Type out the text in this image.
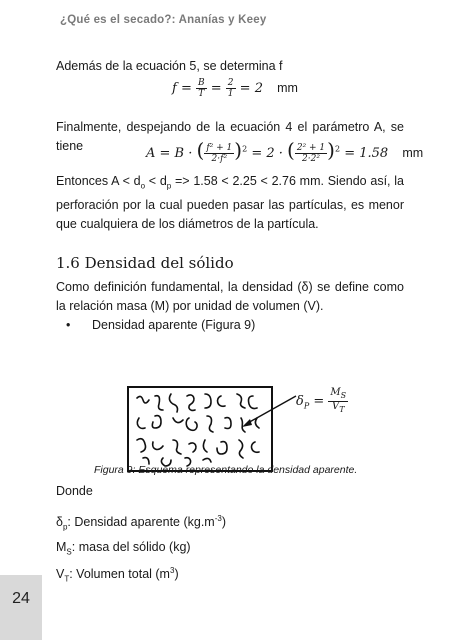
24
¿Qué es el secado?: Ananías y Keey
Además de la ecuación 5, se determina f
$f = \frac{B}{T} = \frac{2}{1} = 2$ mm
Finalmente, despejando de la ecuación 4 el parámetro A, se tiene	A = B · ( $\frac{\text{f² + 1}}{\text{2·f²}} )^2 = 2$ · ( $\frac{\text{2² + 1}}{\text{2·2²}} )^2 = 1.58$ mm
Entonces $A < d_o < d_p => 1.58 < 2.25 < 2.76$ mm. Siendo así, la perforación por la cual pueden pasar las partículas, es menor que cualquiera de los diámetros de la partícula.
1.6 Densidad del sólido
Como definición fundamental, la densidad (δ) se define como la relación masa (M) por unidad de volumen (V).
• Densidad aparente (Figura 9)
$\delta_P = \frac{M_S}{V_T}$
Figura 9: Esquema representando la densidad aparente.
Donde
$\delta_p$: Densidad aparente $(kg.m^{-3})$
$M_S$: masa del sólido (kg)
$V_T$: Volumen total $(m^3)$
